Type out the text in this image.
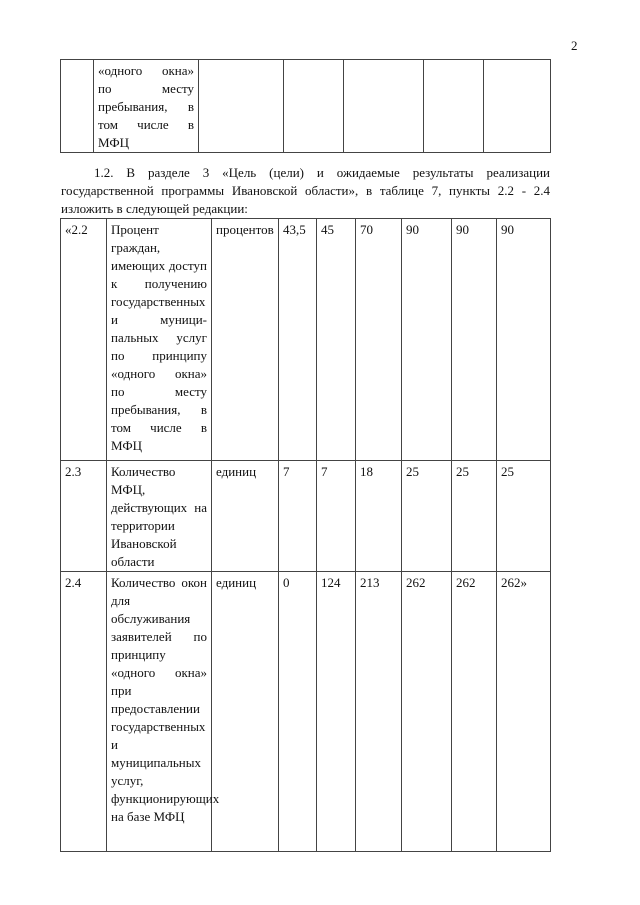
2
	«одного окна» по месту пребывания, в том числе в МФЦ					

1.2. В разделе 3 «Цель (цели) и ожидаемые результаты реализации государственной программы Ивановской области», в таблице 7, пункты 2.2 - 2.4 изложить в следующей редакции:

«2.2	Процент граждан, имеющих доступ к получению государственных и муници-пальных услуг по принципу «одного окна» по месту пребывания, в том числе в МФЦ	процентов	43,5	45	70	90	90	90
2.3	Количество МФЦ, действующих на территории Ивановской области	единиц	7	7	18	25	25	25
2.4	Количество окон для обслуживания заявителей по принципу «одного окна» при предоставлении государственных и муниципальных услуг, функционирующих на базе МФЦ	единиц	0	124	213	262	262	262»
